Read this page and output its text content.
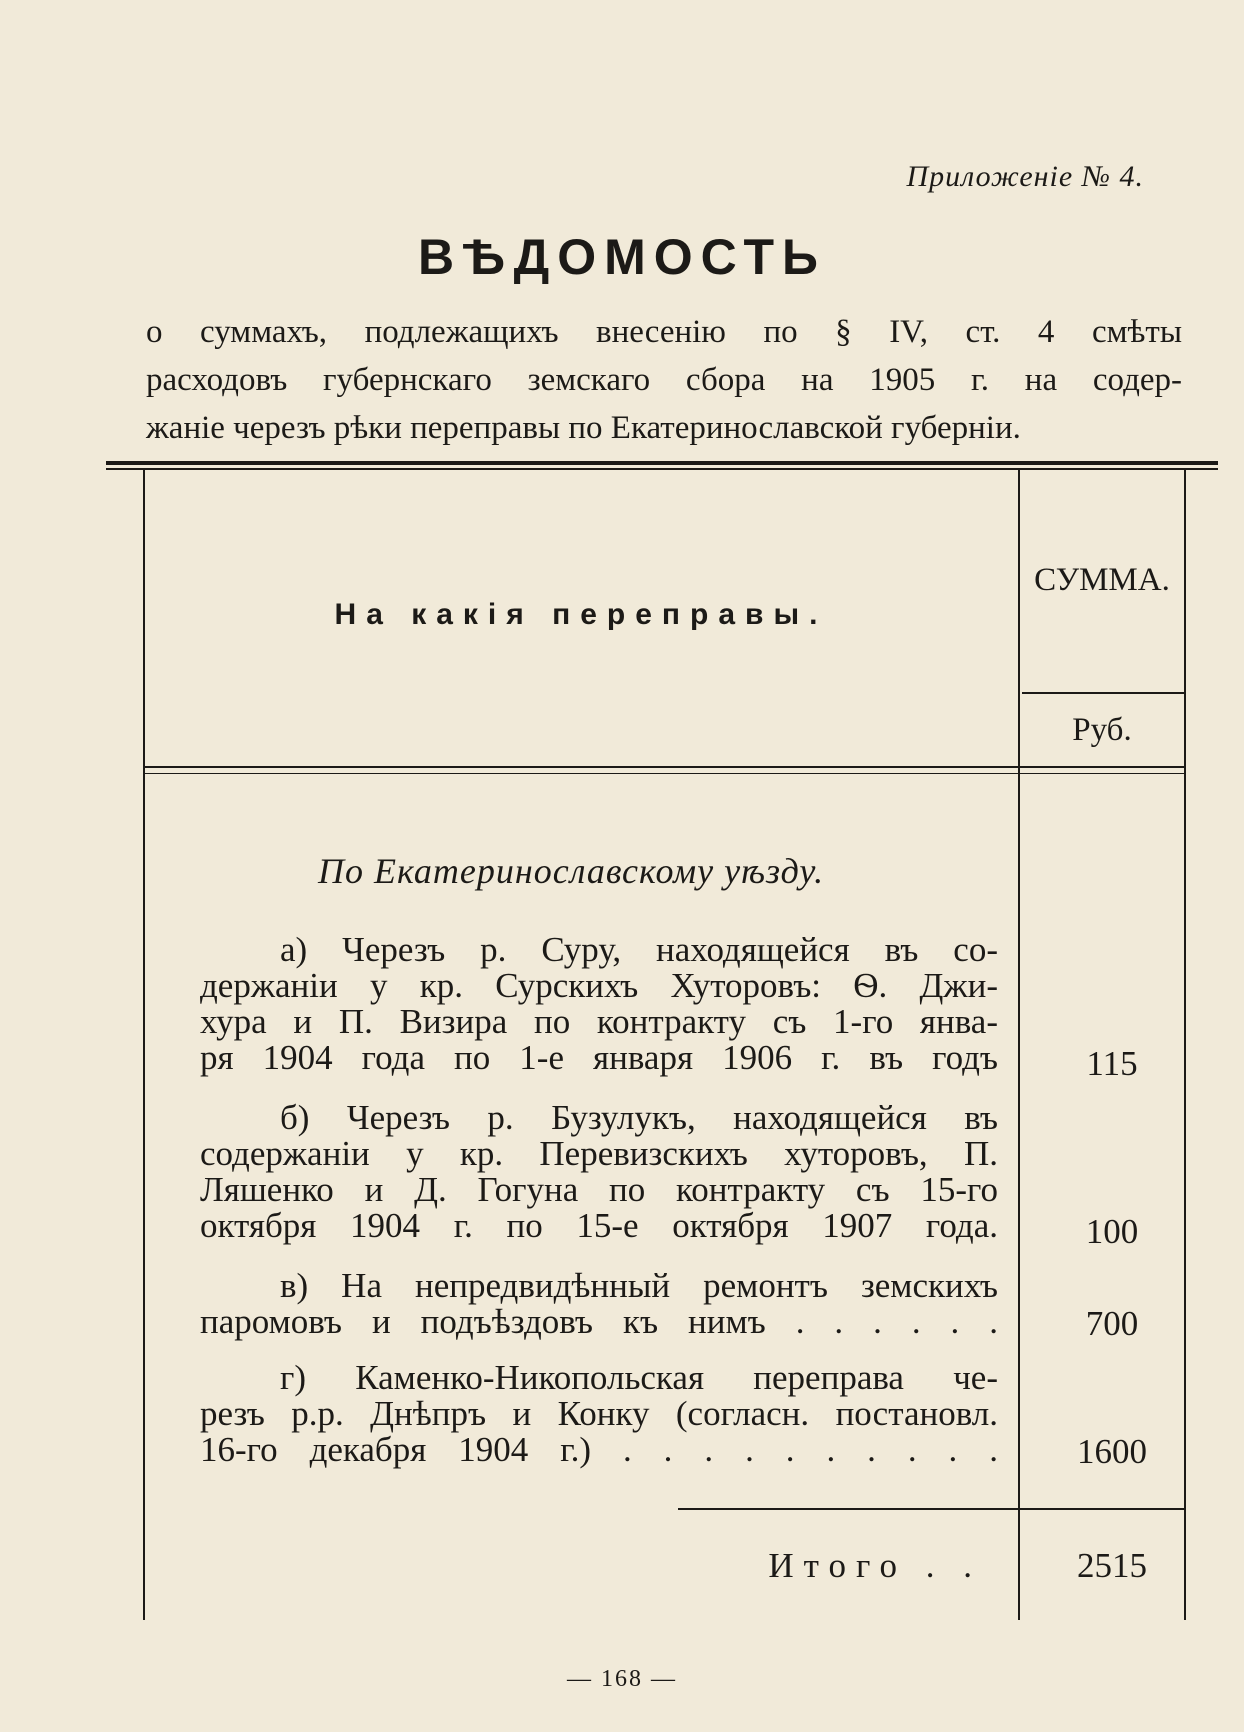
Приложеніе № 4.
ВѢДОМОСТЬ
о суммахъ, подлежащихъ внесенію по § IV, ст. 4 смѣты
расходовъ губернскаго земскаго сбора на 1905 г. на содер-
жаніе черезъ рѣки переправы по Екатеринославской губерніи.
На какія переправы.
СУММА.
Руб.
По Екатеринославскому уѣзду.
а) Черезъ р. Суру, находящейся въ со-
держаніи у кр. Сурскихъ Хуторовъ: Ѳ. Джи-
хура и П. Визира по контракту съ 1-го янва-
ря 1904 года по 1-е января 1906 г. въ годъ	115
б) Черезъ р. Бузулукъ, находящейся въ
содержаніи у кр. Перевизскихъ хуторовъ, П.
Ляшенко и Д. Гогуна по контракту съ 15-го
октября 1904 г. по 15-е октября 1907 года.	100
в) На непредвидѣнный ремонтъ земскихъ
паромовъ и подъѣздовъ къ нимъ . . . . . .	700
г) Каменко-Никопольская переправа че-
резъ р.р. Днѣпръ и Конку (согласн. постановл.
16-го декабря 1904 г.) . . . . . . . . . .	1600
Итого . .	2515
— 168 —
